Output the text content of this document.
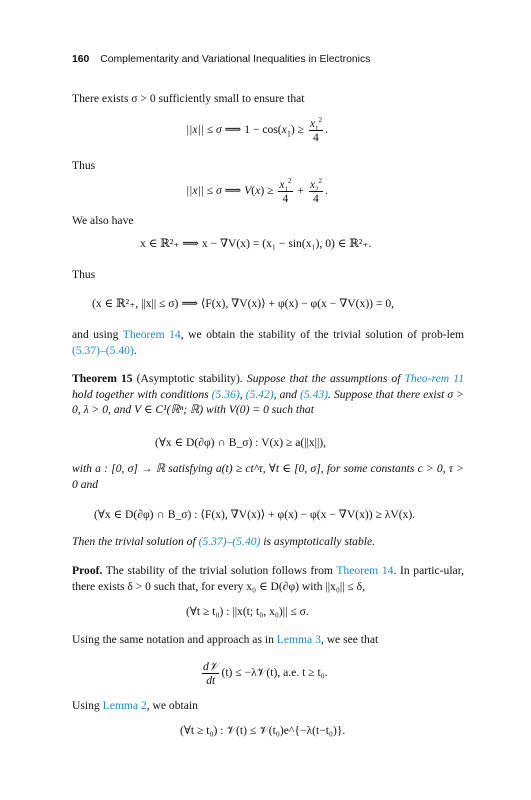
160 Complementarity and Variational Inequalities in Electronics
There exists σ > 0 sufficiently small to ensure that
||x|| ≤ σ ⟹ $1 - \cos(x_1) \ge \frac{x_1^2}{4}$ .
Thus
||x|| ≤ σ ⟹ $V(x) \ge \frac{x_1^2}{4} + \frac{x_2^2}{4}$ .
We also have
x ∈ ℝ²₊ ⟹ x − ∇V(x) = (x₁ − sin(x₁), 0) ∈ ℝ²₊.
Thus
(x ∈ ℝ²₊, ||x|| ≤ σ) ⟹ ⟨F(x), ∇V(x)⟩ + φ(x) − φ(x − ∇V(x)) = 0,
and using Theorem 14, we obtain the stability of the trivial solution of prob-lem (5.37)–(5.40).
Theorem 15 (Asymptotic stability). Suppose that the assumptions of Theo-rem 11 hold together with conditions (5.36), (5.42), and (5.43). Suppose that there exist σ > 0, λ > 0, and V ∈ C¹(ℝⁿ; ℝ) with V(0) = 0 such that
(∀x ∈ D(∂φ) ∩ B_σ) : V(x) ≥ a(||x||),
with a : [0, σ] → ℝ satisfying a(t) ≥ ct^τ, ∀t ∈ [0, σ], for some constants c > 0, τ > 0 and
(∀x ∈ D(∂φ) ∩ B_σ) : ⟨F(x), ∇V(x)⟩ + φ(x) − φ(x − ∇V(x)) ≥ λV(x).
Then the trivial solution of (5.37)–(5.40) is asymptotically stable.
Proof. The stability of the trivial solution follows from Theorem 14. In partic-ular, there exists δ > 0 such that, for every x₀ ∈ D(∂φ) with ||x₀|| ≤ δ,
(∀t ≥ t₀) : ||x(t; t₀, x₀)|| ≤ σ.
Using the same notation and approach as in Lemma 3, we see that
$\frac{\text{d𝒱}}{dt} (t)$ ≤ −λ𝒱(t), a.e. t ≥ t₀.
Using Lemma 2, we obtain
(∀t ≥ t₀) : 𝒱(t) ≤ 𝒱(t₀)e^{−λ(t−t₀)}.
